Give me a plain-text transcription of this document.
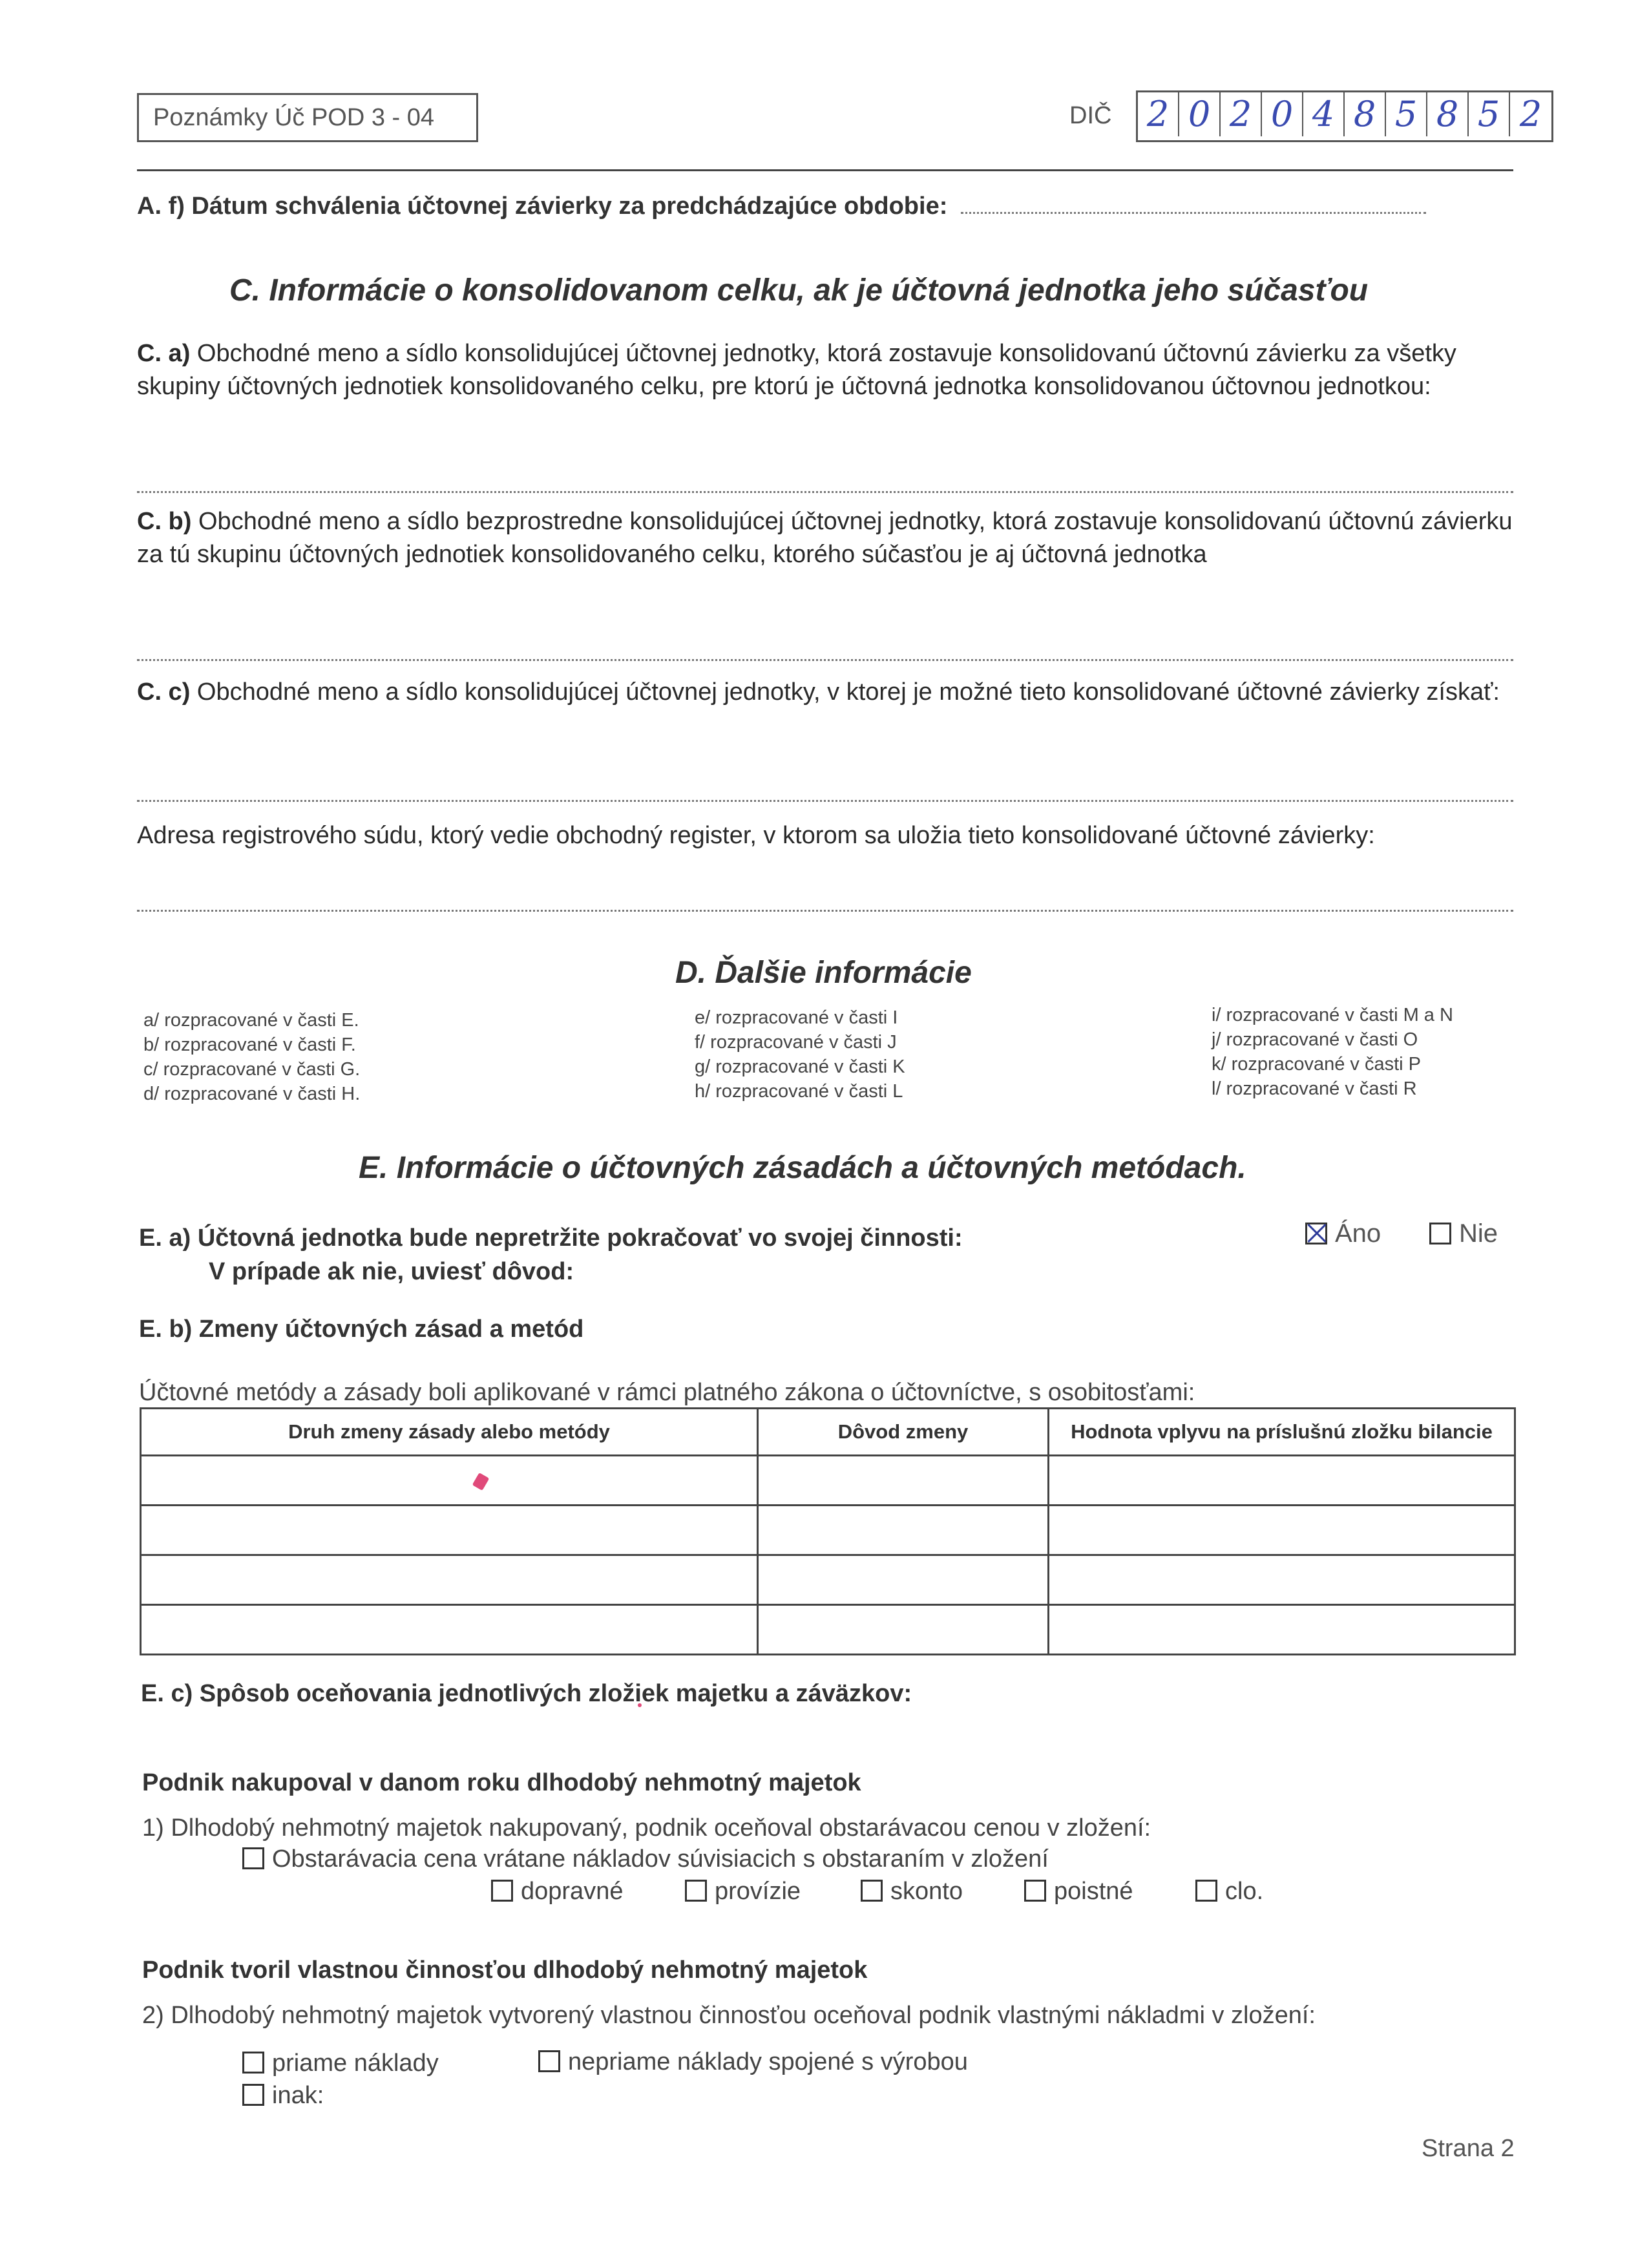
Poznámky Úč POD 3 - 04	DIČ 2 0 2 0 4 8 5 8 5 2
A. f) Dátum schválenia účtovnej závierky za predchádzajúce obdobie:
C. Informácie o konsolidovanom celku, ak je účtovná jednotka jeho súčasťou
C. a) Obchodné meno a sídlo konsolidujúcej účtovnej jednotky, ktorá zostavuje konsolidovanú účtovnú závierku za všetky skupiny účtovných jednotiek konsolidovaného celku, pre ktorú je účtovná jednotka konsolidovanou účtovnou jednotkou:
C. b) Obchodné meno a sídlo bezprostredne konsolidujúcej účtovnej jednotky, ktorá zostavuje konsolidovanú účtovnú závierku za tú skupinu účtovných jednotiek konsolidovaného celku, ktorého súčasťou je aj účtovná jednotka
C. c) Obchodné meno a sídlo konsolidujúcej účtovnej jednotky, v ktorej je možné tieto konsolidované účtovné závierky získať:
Adresa registrového súdu, ktorý vedie obchodný register, v ktorom sa uložia tieto konsolidované účtovné závierky:
D. Ďalšie informácie
a/ rozpracované v časti E.
b/ rozpracované v časti F.
c/ rozpracované v časti G.
d/ rozpracované v časti H.
e/ rozpracované v časti I
f/ rozpracované v časti J
g/ rozpracované v časti K
h/ rozpracované v časti L
i/ rozpracované v časti M a N
j/ rozpracované v časti O
k/ rozpracované v časti P
l/ rozpracované v časti R
E. Informácie o účtovných zásadách a účtovných metódach.
E. a) Účtovná jednotka bude nepretržite pokračovať vo svojej činnosti:
V prípade ak nie, uviesť dôvod:
Áno	Nie
E. b) Zmeny účtovných zásad a metód
Účtovné metódy a zásady boli aplikované v rámci platného zákona o účtovníctve, s osobitosťami:
Druh zmeny zásady alebo metódy	Dôvod zmeny	Hodnota vplyvu na príslušnú zložku bilancie

E. c) Spôsob oceňovania jednotlivých zložiek majetku a záväzkov:
Podnik nakupoval v danom roku dlhodobý nehmotný majetok
1) Dlhodobý nehmotný majetok nakupovaný, podnik oceňoval obstarávacou cenou v zložení:
Obstarávacia cena vrátane nákladov súvisiacich s obstaraním v zložení
dopravné	provízie	skonto	poistné	clo.
Podnik tvoril vlastnou činnosťou dlhodobý nehmotný majetok
2) Dlhodobý nehmotný majetok vytvorený vlastnou činnosťou oceňoval podnik vlastnými nákladmi v zložení:
priame náklady	nepriame náklady spojené s výrobou
inak:
Strana 2
